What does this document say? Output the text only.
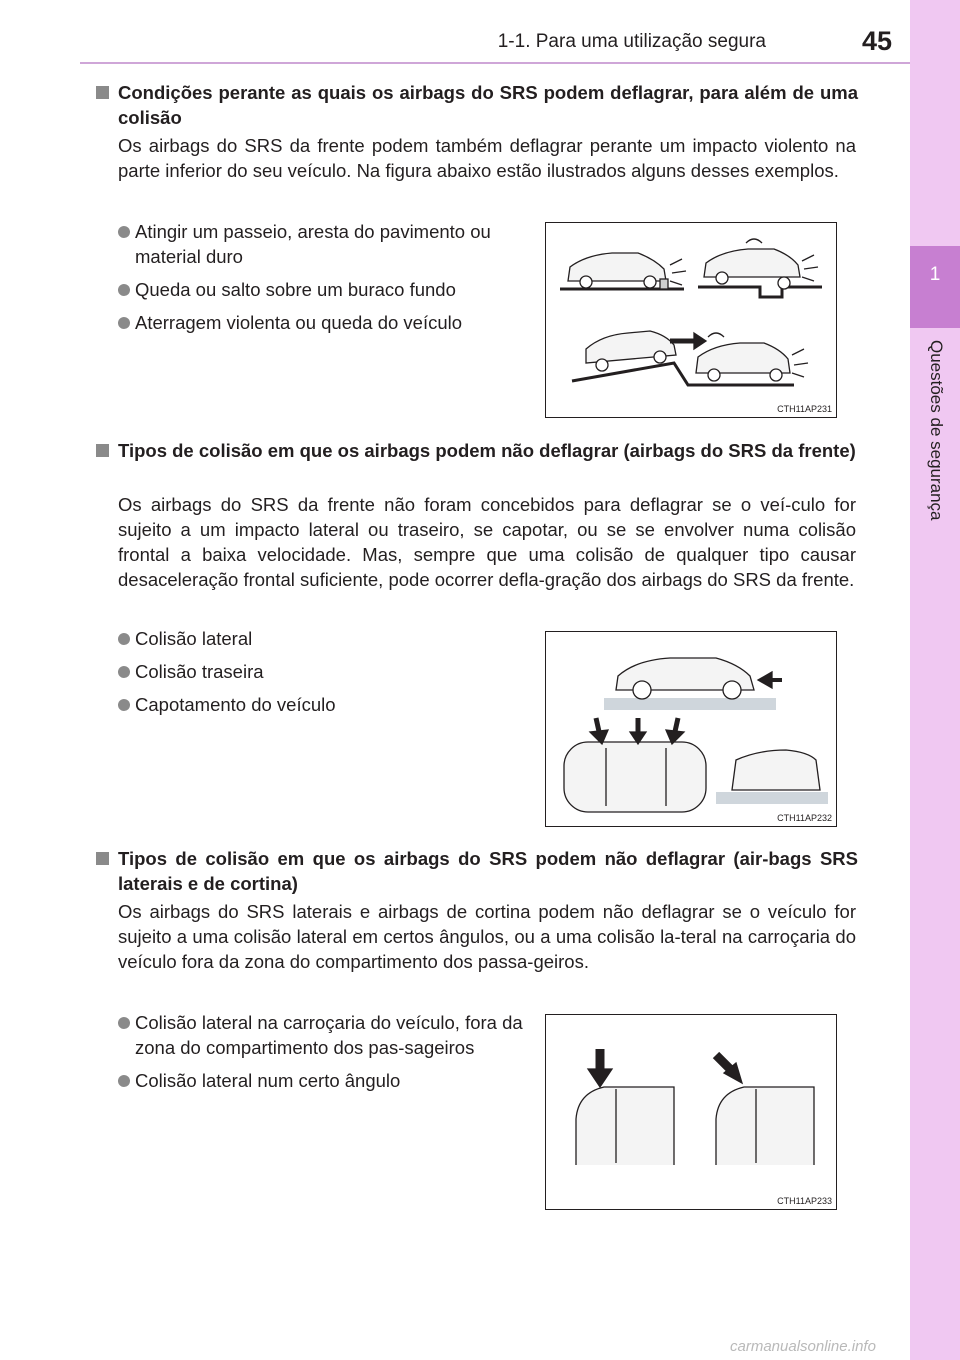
1-1. Para uma utilização segura	45
1
Questões de segurança
Condições perante as quais os airbags do SRS podem deflagrar, para além de uma colisão
Os airbags do SRS da frente podem também deflagrar perante um impacto violento na parte inferior do seu veículo. Na figura abaixo estão ilustrados alguns desses exemplos.
Atingir um passeio, aresta do pavimento ou material duro
Queda ou salto sobre um buraco fundo
Aterragem violenta ou queda do veículo
CTH11AP231
Tipos de colisão em que os airbags podem não deflagrar (airbags do SRS da frente)
Os airbags do SRS da frente não foram concebidos para deflagrar se o veí-culo for sujeito a um impacto lateral ou traseiro, se capotar, ou se se envolver numa colisão frontal a baixa velocidade. Mas, sempre que uma colisão de qualquer tipo causar desaceleração frontal suficiente, pode ocorrer defla-gração dos airbags do SRS da frente.
Colisão lateral
Colisão traseira
Capotamento do veículo
CTH11AP232
Tipos de colisão em que os airbags do SRS podem não deflagrar (air-bags SRS laterais e de cortina)
Os airbags do SRS laterais e airbags de cortina podem não deflagrar se o veículo for sujeito a uma colisão lateral em certos ângulos, ou a uma colisão la-teral na carroçaria do veículo fora da zona do compartimento dos passa-geiros.
Colisão lateral na carroçaria do veículo, fora da zona do compartimento dos pas-sageiros
Colisão lateral num certo ângulo
CTH11AP233
carmanualsonline.info
